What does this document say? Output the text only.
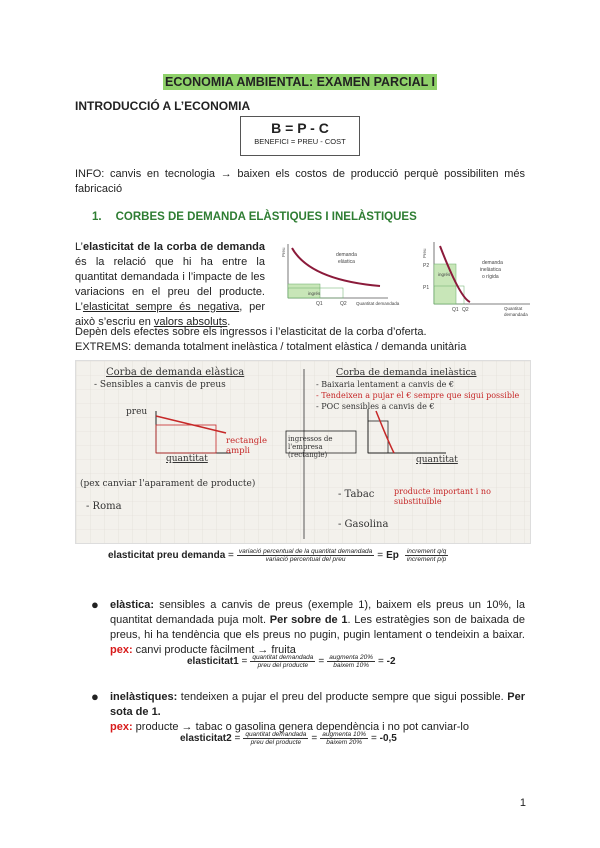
ECONOMIA AMBIENTAL: EXAMEN PARCIAL I
INTRODUCCIÓ A L’ECONOMIA
B = P - C
BENEFICI = PREU - COST
INFO: canvis en tecnologia → baixen els costos de producció perquè possibiliten més fabricació
1. CORBES DE DEMANDA ELÀSTIQUES I INELÀSTIQUES
L’elasticitat de la corba de demanda és la relació que hi ha entre la quantitat demandada i l’impacte de les variacions en el preu del producte. L’elasticitat sempre és negativa, per això s’escriu en valors absoluts.
Preu	demanda
elàstica
ingrés
Q1	Q2 Quantitat demandada
Preu
demanda
inelàstica
o rígida
ingrés
P2
P1
Q1 Q2	Quantitat
demandada
Depèn dels efectes sobre els ingressos i l’elasticitat de la corba d’oferta.
EXTREMS: demanda totalment inelàstica / totalment elàstica / demanda unitària
Corba de demanda elàstica
- Sensibles a canvis de preus
preu
quantitat
rectangle ampli
ingressos de l'empresa (rectangle)
(pex canviar l'aparament de producte)
- Roma
Corba de demanda inelàstica
- Baixaria lentament a canvis de €
- Tendeixen a pujar el € sempre que sigui possible
- POC sensibles a canvis de €
quantitat
- Tabac producte important i no substituïble
- Gasolina
elasticitat preu demanda = $\frac{\text{variació percentual de la quantitat demandada}}{\text{variació percentual del preu}} = Ep \frac{\text{increment q/q}}{\text{increment p/p}}$
● elàstica: sensibles a canvis de preus (exemple 1), baixem els preus un 10%, la quantitat demandada puja molt. Per sobre de 1. Les estratègies son de baixada de preus, hi ha tendència que els preus no pugin, pugin lentament o tendeixin a baixar. pex: canvi producte fàcilment → fruita
elasticitat1 = $\frac{\text{quantitat demandada}}{\text{preu del producte}} = \frac{\text{augmenta 20\%}}{\text{baixem 10\%}} = -2$
● inelàstiques: tendeixen a pujar el preu del producte sempre que sigui possible. Per sota de 1.
pex: producte → tabac o gasolina genera dependència i no pot canviar-lo
elasticitat2 = $\frac{\text{quantitat demandada}}{\text{preu del producte}} = \frac{\text{augmenta 10\%}}{\text{baixem 20\%}} = -0,5$
1
